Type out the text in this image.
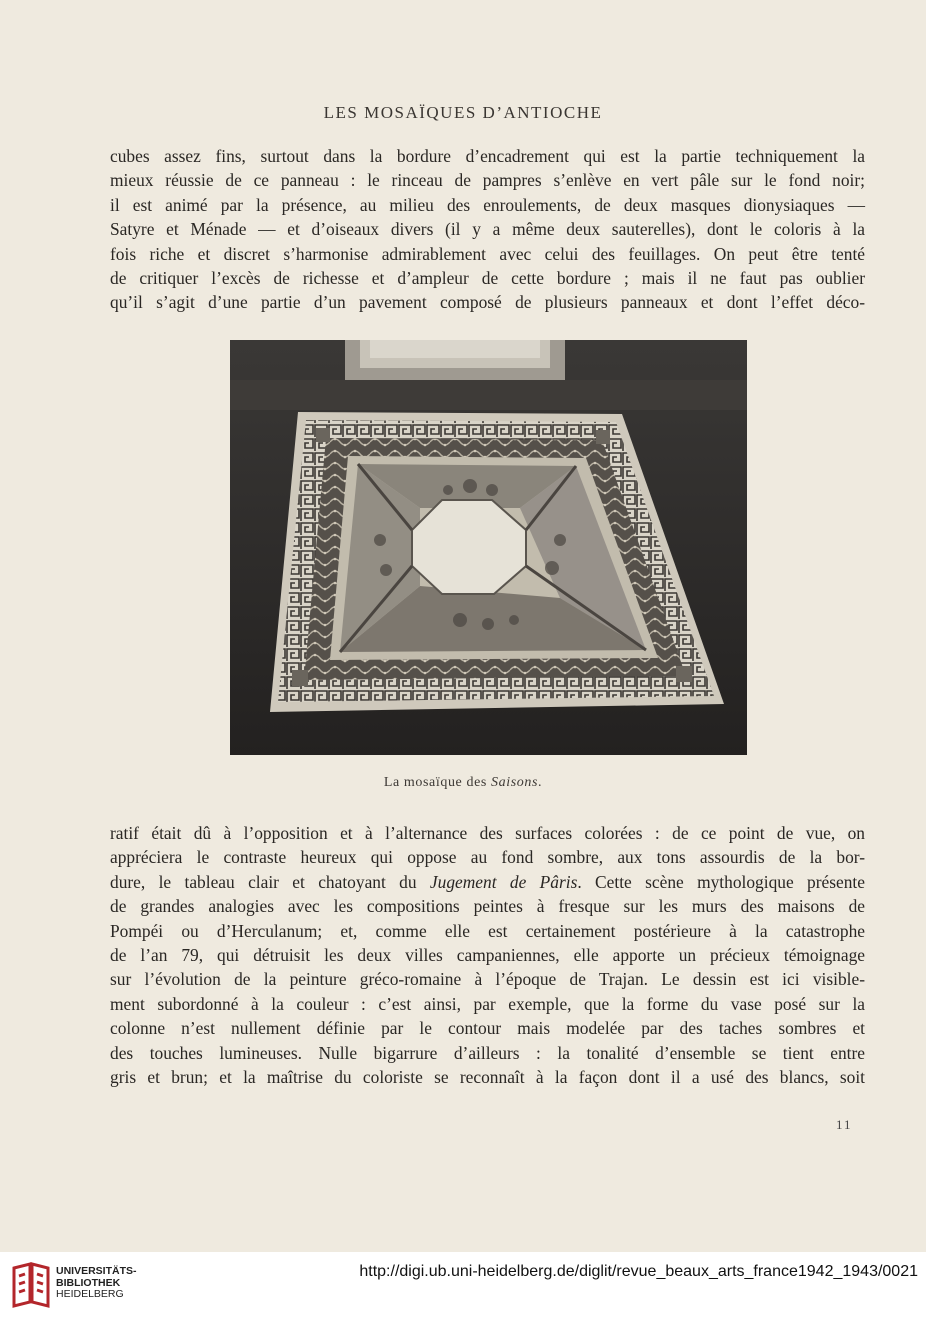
LES MOSAÏQUES D’ANTIOCHE
cubes assez fins, surtout dans la bordure d’encadrement qui est la partie techniquement la
mieux réussie de ce panneau : le rinceau de pampres s’enlève en vert pâle sur le fond noir;
il est animé par la présence, au milieu des enroulements, de deux masques dionysiaques —
Satyre et Ménade — et d’oiseaux divers (il y a même deux sauterelles), dont le coloris à la
fois riche et discret s’harmonise admirablement avec celui des feuillages. On peut être tenté
de critiquer l’excès de richesse et d’ampleur de cette bordure ; mais il ne faut pas oublier
qu’il s’agit d’une partie d’un pavement composé de plusieurs panneaux et dont l’effet déco-
La mosaïque des Saisons.
ratif était dû à l’opposition et à l’alternance des surfaces colorées : de ce point de vue, on
appréciera le contraste heureux qui oppose au fond sombre, aux tons assourdis de la bor-
dure, le tableau clair et chatoyant du Jugement de Pâris. Cette scène mythologique présente
de grandes analogies avec les compositions peintes à fresque sur les murs des maisons de
Pompéi ou d’Herculanum; et, comme elle est certainement postérieure à la catastrophe
de l’an 79, qui détruisit les deux villes campaniennes, elle apporte un précieux témoignage
sur l’évolution de la peinture gréco-romaine à l’époque de Trajan. Le dessin est ici visible-
ment subordonné à la couleur : c’est ainsi, par exemple, que la forme du vase posé sur la
colonne n’est nullement définie par le contour mais modelée par des taches sombres et
des touches lumineuses. Nulle bigarrure d’ailleurs : la tonalité d’ensemble se tient entre
gris et brun; et la maîtrise du coloriste se reconnaît à la façon dont il a usé des blancs, soit
11
UNIVERSITÄTS-
BIBLIOTHEK
HEIDELBERG
http://digi.ub.uni-heidelberg.de/diglit/revue_beaux_arts_france1942_1943/0021
